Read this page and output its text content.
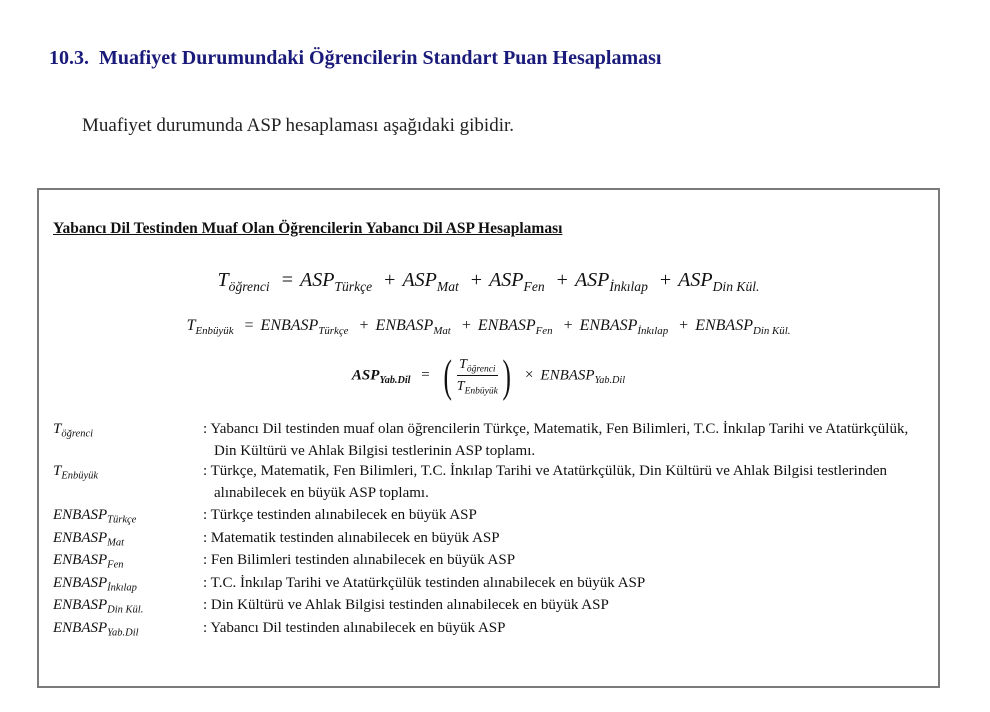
10.3. Muafiyet Durumundaki Öğrencilerin Standart Puan Hesaplaması
Muafiyet durumunda ASP hesaplaması aşağıdaki gibidir.
Yabancı Dil Testinden Muaf Olan Öğrencilerin Yabancı Dil ASP Hesaplaması
$T_{öğrenci} = ASP_{Türkçe} + ASP_{Mat} + ASP_{Fen} + ASP_{İnkılap} + ASP_{Din Kül.}$
$T_{Enbüyük}$ = $ENBASP_{Türkçe}$ + $ENBASP_{Mat}$ + $ENBASP_{Fen}$ + $ENBASP_{İnkılap}$ + $ENBASP_{Din Kül.}$
$ASP_{Yab.Dil}$ = ( $\frac{T_{öğrenci}}{T_{Enbüyük}}$ ) × $ENBASP_{Yab.Dil}$
$T_{öğrenci}$	: Yabancı Dil testinden muaf olan öğrencilerin Türkçe, Matematik, Fen Bilimleri, T.C. İnkılap Tarihi ve Atatürkçülük, Din Kültürü ve Ahlak Bilgisi testlerinin ASP toplamı.
$T_{Enbüyük}$	: Türkçe, Matematik, Fen Bilimleri, T.C. İnkılap Tarihi ve Atatürkçülük, Din Kültürü ve Ahlak Bilgisi testlerinden alınabilecek en büyük ASP toplamı.
$ENBASP_{Türkçe}$	: Türkçe testinden alınabilecek en büyük ASP
$ENBASP_{Mat}$	: Matematik testinden alınabilecek en büyük ASP
$ENBASP_{Fen}$	: Fen Bilimleri testinden alınabilecek en büyük ASP
$ENBASP_{İnkılap}$	: T.C. İnkılap Tarihi ve Atatürkçülük testinden alınabilecek en büyük ASP
$ENBASP_{Din Kül.}$	: Din Kültürü ve Ahlak Bilgisi testinden alınabilecek en büyük ASP
$ENBASP_{Yab.Dil}$	: Yabancı Dil testinden alınabilecek en büyük ASP
